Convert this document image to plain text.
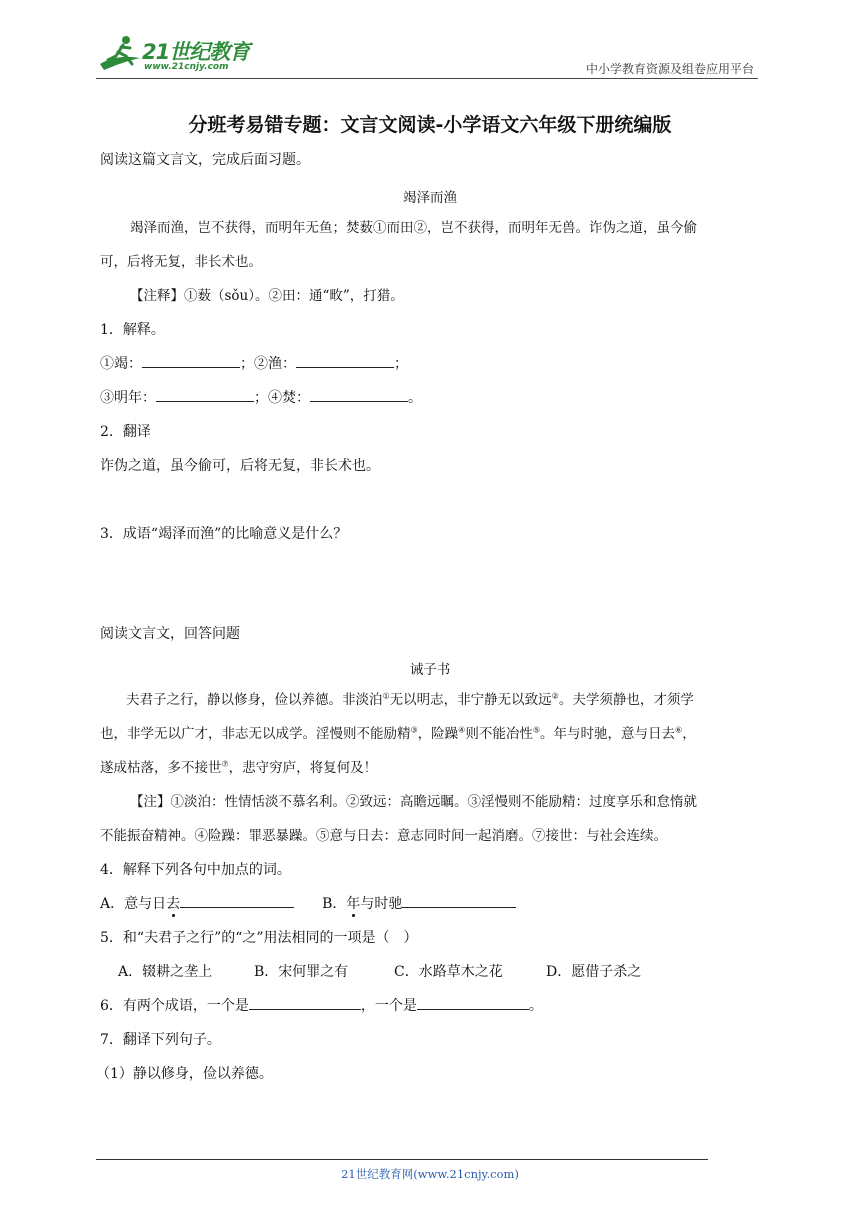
21世纪教育
www.21cnjy.com	中小学教育资源及组卷应用平台
分班考易错专题：文言文阅读-小学语文六年级下册统编版
阅读这篇文言文，完成后面习题。
竭泽而渔
竭泽而渔，岂不获得，而明年无鱼；焚薮①而田②，岂不获得，而明年无兽。诈伪之道，虽今偷
可，后将无复，非长术也。
【注释】①薮（sǒu）。②田：通“畋”，打猎。
1．解释。
①竭：	；②渔：	；
③明年：	；④焚：	。
2．翻译
诈伪之道，虽今偷可，后将无复，非长术也。
3．成语“竭泽而渔”的比喻意义是什么？
阅读文言文，回答问题
诫子书
夫君子之行，静以修身，俭以养德。非淡泊①无以明志，非宁静无以致远②。夫学须静也，才须学
也，非学无以广才，非志无以成学。淫慢则不能励精③，险躁④则不能冶性⑤。年与时驰，意与日去⑥，
遂成枯落，多不接世⑦，悲守穷庐，将复何及！
【注】①淡泊：性情恬淡不慕名利。②致远：高瞻远瞩。③淫慢则不能励精：过度享乐和怠惰就
不能振奋精神。④险躁：罪恶暴躁。⑤意与日去：意志同时间一起消磨。⑦接世：与社会连续。
4．解释下列各句中加点的词。
A．意与日去	B．年与时驰
5．和“夫君子之行”的“之”用法相同的一项是（　）
A．辍耕之垄上	B．宋何罪之有	C．水路草木之花	D．愿借子杀之
6．有两个成语，一个是	，一个是	。
7．翻译下列句子。
（1）静以修身，俭以养德。
21世纪教育网(www.21cnjy.com)
